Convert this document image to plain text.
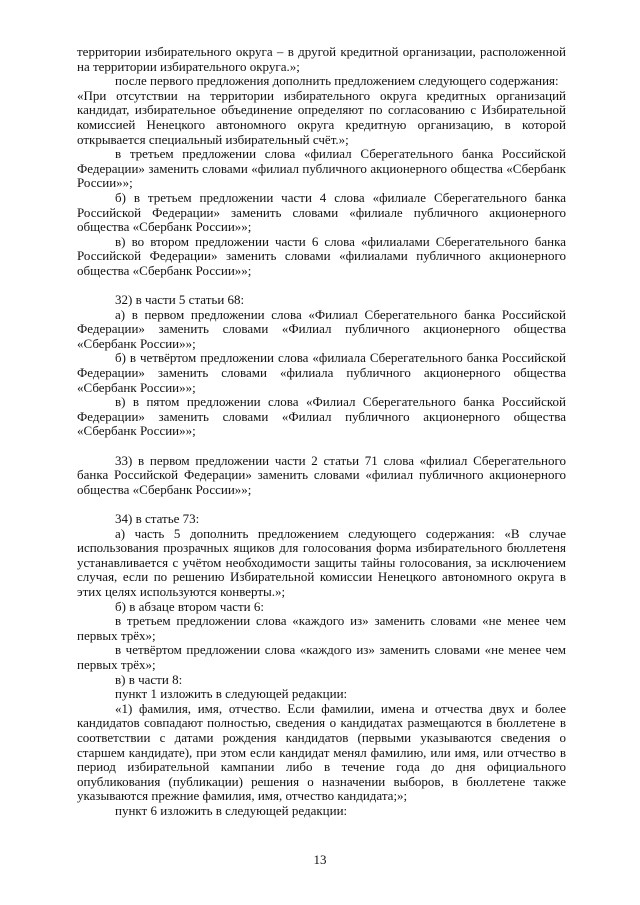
территории избирательного округа – в другой кредитной организации, расположенной на территории избирательного округа.»;

после первого предложения дополнить предложением следующего содержания:

«При отсутствии на территории избирательного округа кредитных организаций кандидат, избирательное объединение определяют по согласованию с Избирательной комиссией Ненецкого автономного округа кредитную организацию, в которой открывается специальный избирательный счёт.»;

в третьем предложении слова «филиал Сберегательного банка Российской Федерации» заменить словами «филиал публичного акционерного общества «Сбербанк России»»;

б) в третьем предложении части 4 слова «филиале Сберегательного банка Российской Федерации» заменить словами «филиале публичного акционерного общества «Сбербанк России»»;

в) во втором предложении части 6 слова «филиалами Сберегательного банка Российской Федерации» заменить словами «филиалами публичного акционерного общества «Сбербанк России»»;

32) в части 5 статьи 68:

а) в первом предложении слова «Филиал Сберегательного банка Российской Федерации» заменить словами «Филиал публичного акционерного общества «Сбербанк России»»;

б) в четвёртом предложении слова «филиала Сберегательного банка Российской Федерации» заменить словами «филиала публичного акционерного общества «Сбербанк России»»;

в) в пятом предложении слова «Филиал Сберегательного банка Российской Федерации» заменить словами «Филиал публичного акционерного общества «Сбербанк России»»;

33) в первом предложении части 2 статьи 71 слова «филиал Сберегательного банка Российской Федерации» заменить словами «филиал публичного акционерного общества «Сбербанк России»»;

34) в статье 73:

а) часть 5 дополнить предложением следующего содержания: «В случае использования прозрачных ящиков для голосования форма избирательного бюллетеня устанавливается с учётом необходимости защиты тайны голосования, за исключением случая, если по решению Избирательной комиссии Ненецкого автономного округа в этих целях используются конверты.»;

б) в абзаце втором части 6:

в третьем предложении слова «каждого из» заменить словами «не менее чем первых трёх»;

в четвёртом предложении слова «каждого из» заменить словами «не менее чем первых трёх»;

в) в части 8:

пункт 1 изложить в следующей редакции:

«1) фамилия, имя, отчество. Если фамилии, имена и отчества двух и более кандидатов совпадают полностью, сведения о кандидатах размещаются в бюллетене в соответствии с датами рождения кандидатов (первыми указываются сведения о старшем кандидате), при этом если кандидат менял фамилию, или имя, или отчество в период избирательной кампании либо в течение года до дня официального опубликования (публикации) решения о назначении выборов, в бюллетене также указываются прежние фамилия, имя, отчество кандидата;»;

пункт 6 изложить в следующей редакции:

13
